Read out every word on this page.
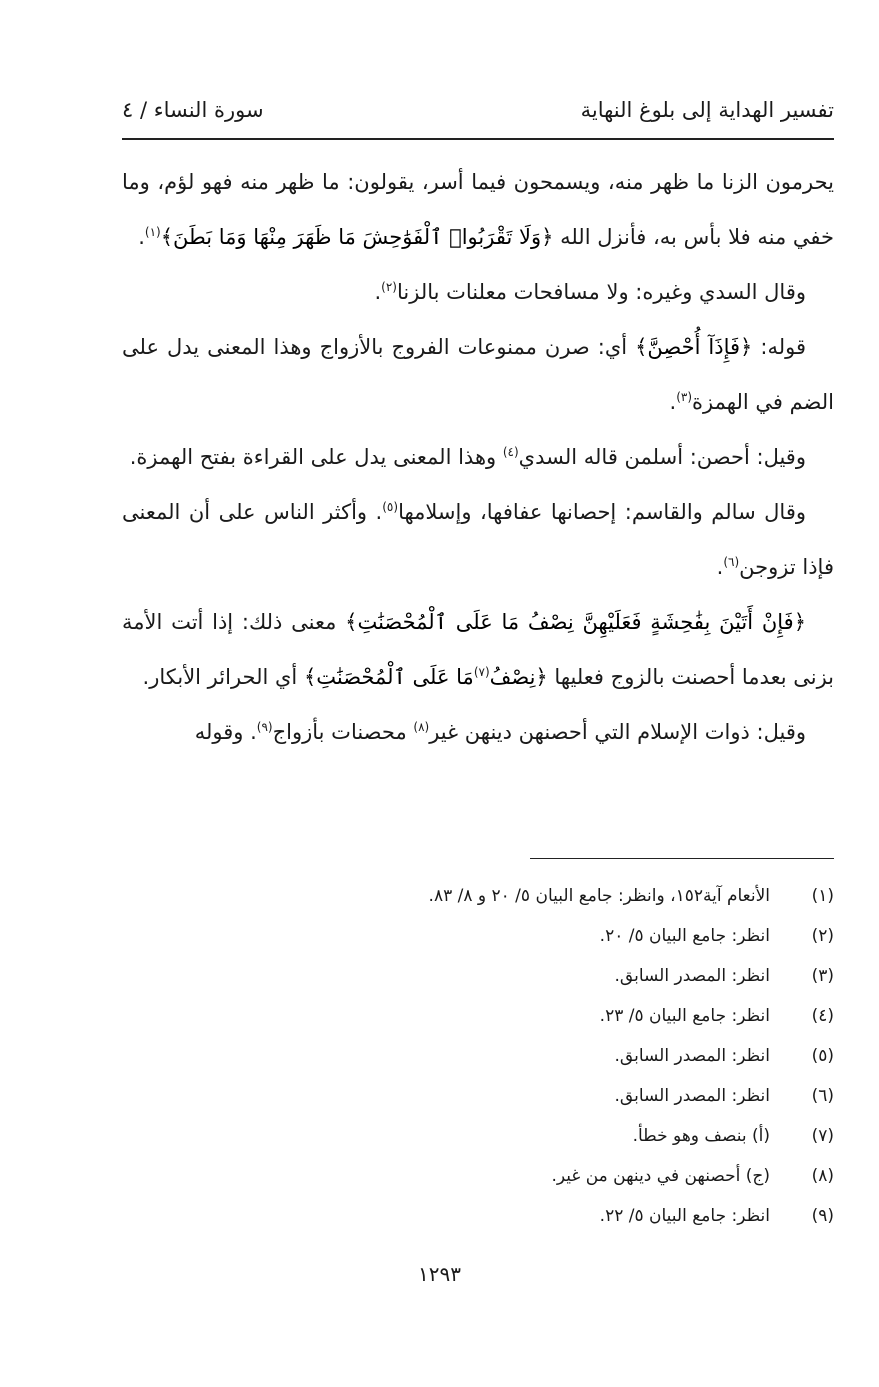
تفسير الهداية إلى بلوغ النهاية
سورة النساء / ٤

يحرمون الزنا ما ظهر منه، ويسمحون فيما أسر، يقولون: ما ظهر منه فهو لؤم، وما خفي منه فلا بأس به، فأنزل الله ﴿وَلَا تَقْرَبُوا۟ ٱلْفَوَٰحِشَ مَا ظَهَرَ مِنْهَا وَمَا بَطَنَ﴾$^{(١)}$.

وقال السدي وغيره: ولا مسافحات معلنات بالزنا$^{(٢)}$.

قوله: ﴿فَإِذَآ أُحْصِنَّ﴾ أي: صرن ممنوعات الفروج بالأزواج وهذا المعنى يدل على الضم في الهمزة$^{(٣)}$.

وقيل: أحصن: أسلمن قاله السدي$^{(٤)}$ وهذا المعنى يدل على القراءة بفتح الهمزة.

وقال سالم والقاسم: إحصانها عفافها، وإسلامها$^{(٥)}$. وأكثر الناس على أن المعنى فإذا تزوجن$^{(٦)}$.

﴿فَإِنْ أَتَيْنَ بِفَٰحِشَةٍ فَعَلَيْهِنَّ نِصْفُ مَا عَلَى ٱلْمُحْصَنَٰتِ﴾ معنى ذلك: إذا أتت الأمة بزنى بعدما أحصنت بالزوج فعليها ﴿نِصْفُ$^{(٧)}$مَا عَلَى ٱلْمُحْصَنَٰتِ﴾ أي الحرائر الأبكار.

وقيل: ذوات الإسلام التي أحصنهن دينهن غير$^{(٨)}$ محصنات بأزواج$^{(٩)}$. وقوله

(١)الأنعام آية١٥٢، وانظر: جامع البيان ٥/ ٢٠ و ٨/ ٨٣.
(٢)انظر: جامع البيان ٥/ ٢٠.
(٣)انظر: المصدر السابق.
(٤)انظر: جامع البيان ٥/ ٢٣.
(٥)انظر: المصدر السابق.
(٦)انظر: المصدر السابق.
(٧)(أ) بنصف وهو خطأ.
(٨)(ج) أحصنهن في دينهن من غير.
(٩)انظر: جامع البيان ٥/ ٢٢.
١٢٩٣
